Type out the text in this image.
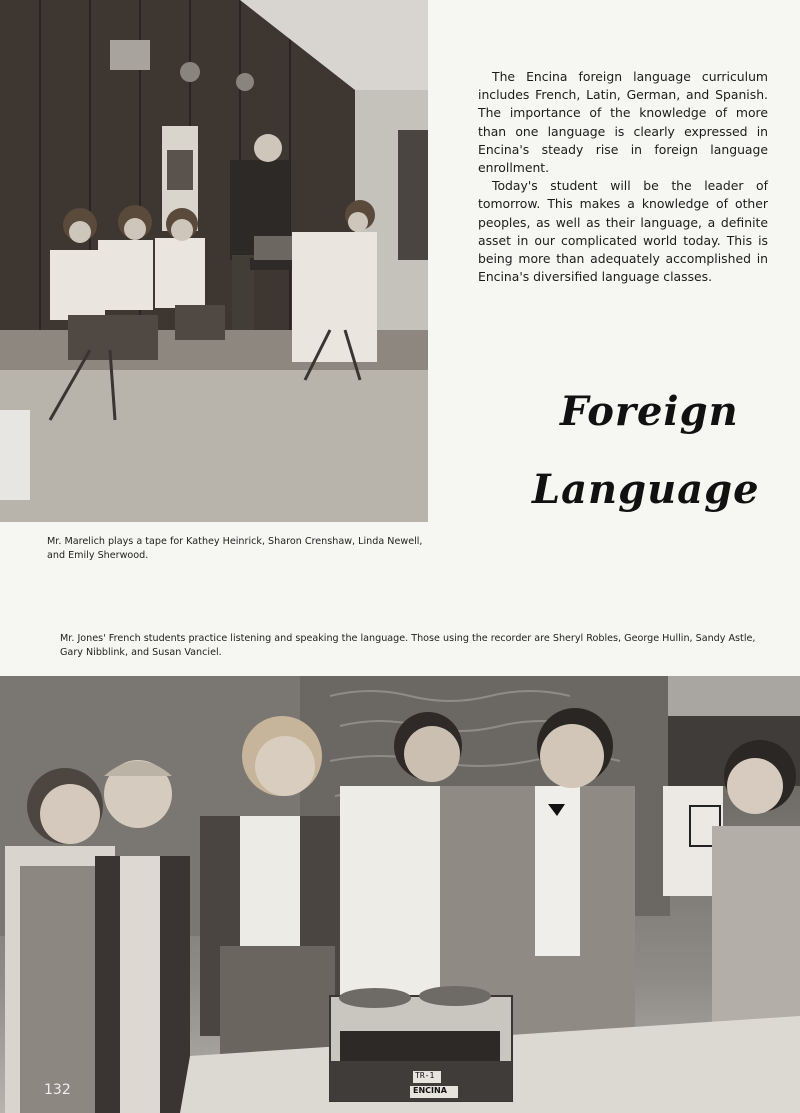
The Encina foreign language curriculum includes French, Latin, German, and Spanish. The importance of the knowledge of more than one language is clearly expressed in Encina's steady rise in foreign language enrollment.

Today's student will be the leader of tomorrow. This makes a knowledge of other peoples, as well as their language, a definite asset in our complicated world today. This is being more than adequately accomplished in Encina's diversified language classes.

Foreign
Language
Mr. Marelich plays a tape for Kathey Heinrick, Sharon Crenshaw, Linda Newell, and Emily Sherwood.
Mr. Jones' French students practice listening and speaking the language. Those using the recorder are Sheryl Robles, George Hullin, Sandy Astle, Gary Nibblink, and Susan Vanciel.
TR-1
ENCINA
132
